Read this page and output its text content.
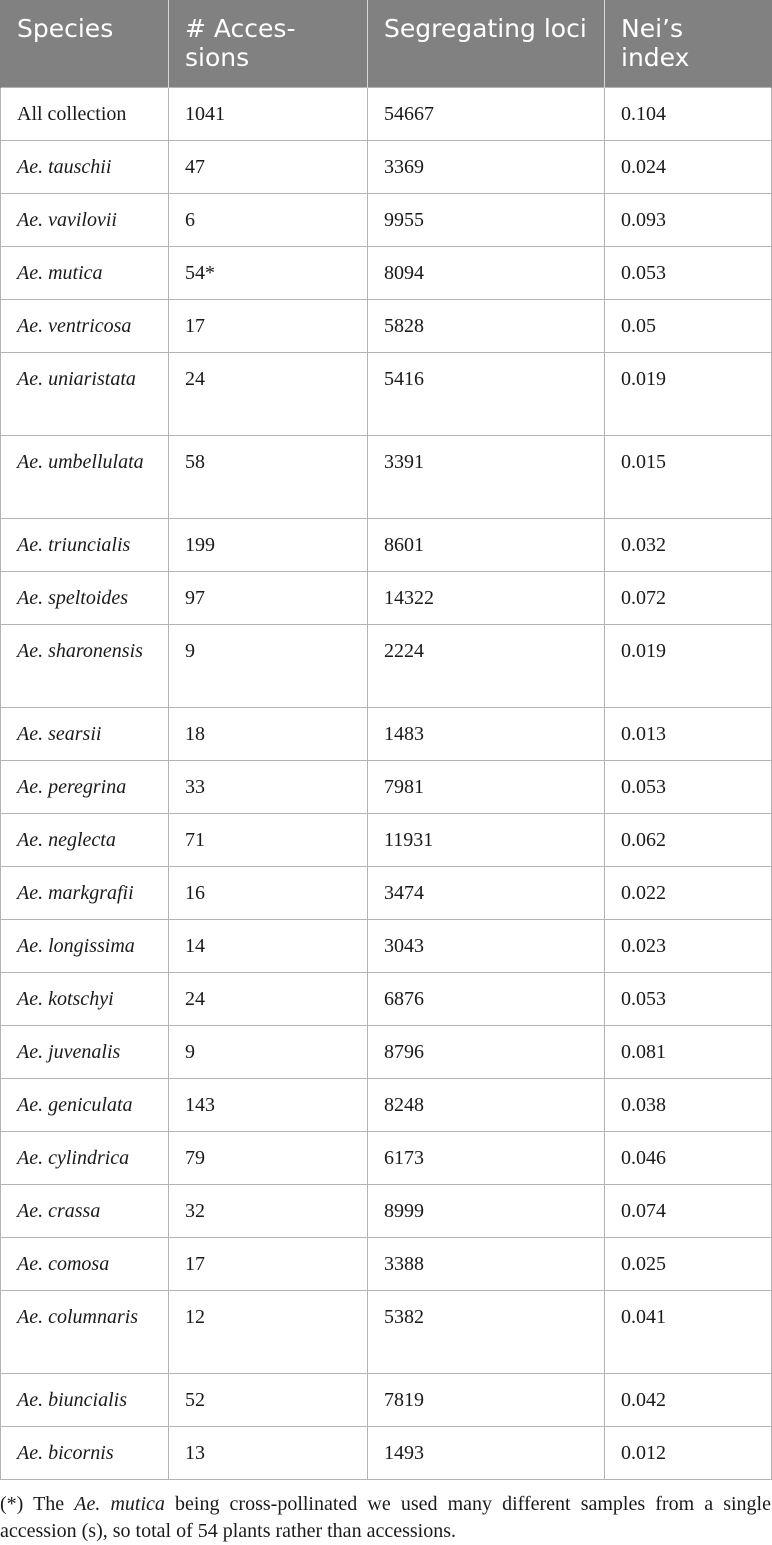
Species	# Acces-sions	Segregating loci	Nei’s index
All collection	1041	54667	0.104
Ae. tauschii	47	3369	0.024
Ae. vavilovii	6	9955	0.093
Ae. mutica	54*	8094	0.053
Ae. ventricosa	17	5828	0.05
Ae. uniaristata	24	5416	0.019
Ae. umbellulata	58	3391	0.015
Ae. triuncialis	199	8601	0.032
Ae. speltoides	97	14322	0.072
Ae. sharonensis	9	2224	0.019
Ae. searsii	18	1483	0.013
Ae. peregrina	33	7981	0.053
Ae. neglecta	71	11931	0.062
Ae. markgrafii	16	3474	0.022
Ae. longissima	14	3043	0.023
Ae. kotschyi	24	6876	0.053
Ae. juvenalis	9	8796	0.081
Ae. geniculata	143	8248	0.038
Ae. cylindrica	79	6173	0.046
Ae. crassa	32	8999	0.074
Ae. comosa	17	3388	0.025
Ae. columnaris	12	5382	0.041
Ae. biuncialis	52	7819	0.042
Ae. bicornis	13	1493	0.012

(*) The Ae. mutica being cross-pollinated we used many different samples from a single accession (s), so total of 54 plants rather than accessions.
